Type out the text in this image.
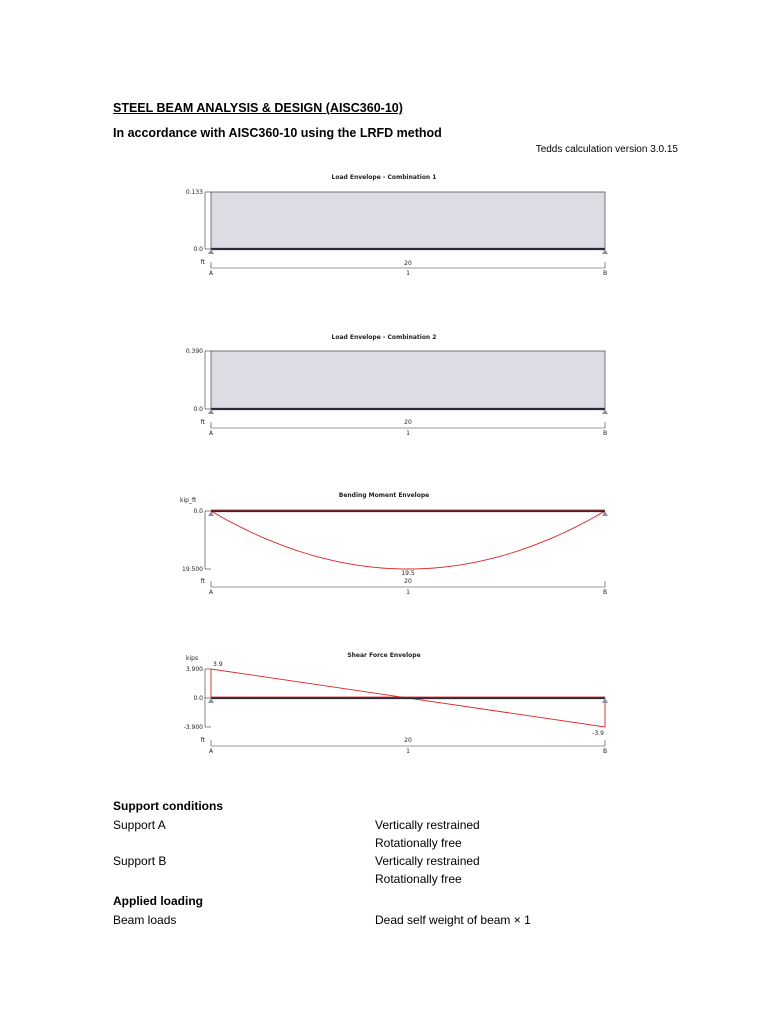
STEEL BEAM ANALYSIS & DESIGN (AISC360-10)
In accordance with AISC360-10 using the LRFD method
Tedds calculation version 3.0.15
Load Envelope - Combination 1
0.133
0.0
ft	20
A	1	B
Load Envelope - Combination 2
0.390
0.0
ft	20
A	1	B
Bending Moment Envelope
kip_ft
0.0
19.500
19.5
ft	20
A	1	B
Shear Force Envelope
kips
3.900
0.0
-3.900
3.9
-3.9
ft	20
A	1	B
Support conditions
Support A	Vertically restrained
Rotationally free
Support B	Vertically restrained
Rotationally free
Applied loading
Beam loads	Dead self weight of beam × 1
